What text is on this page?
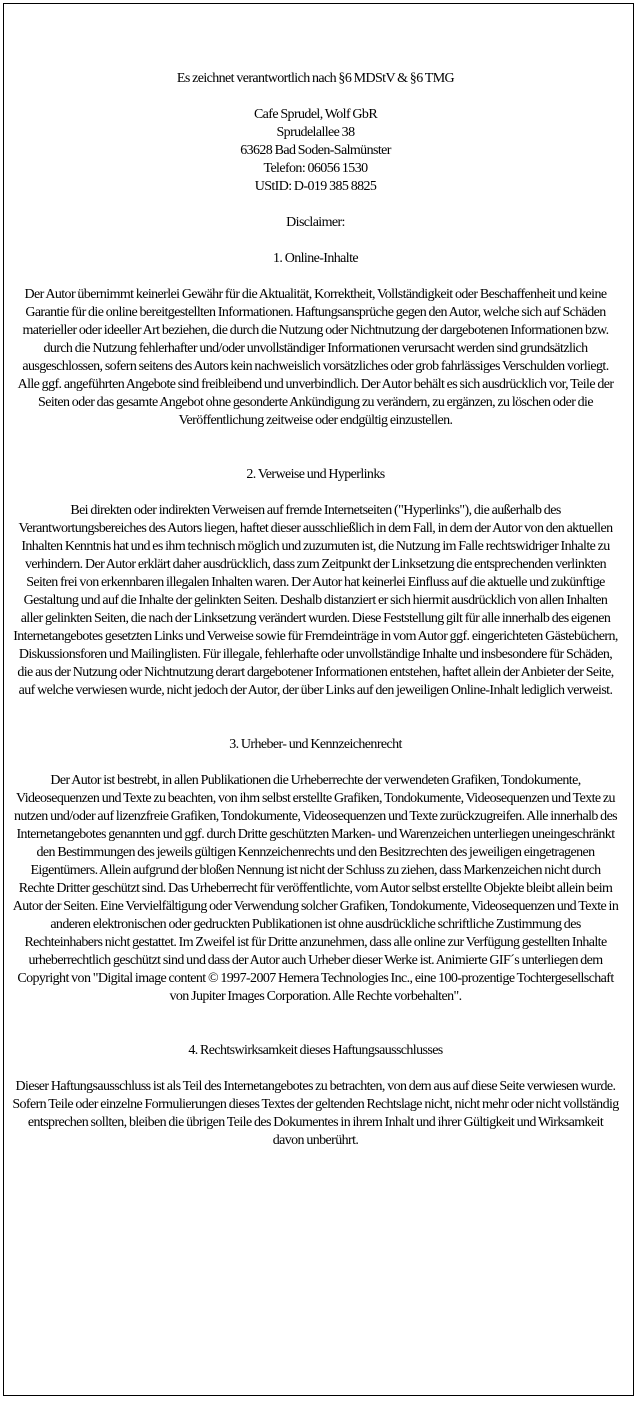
Es zeichnet verantwortlich nach §6 MDStV & §6 TMG

Cafe Sprudel, Wolf GbR

Sprudelallee 38

63628 Bad Soden-Salmünster

Telefon: 06056 1530

UStID: D-019 385 8825

Disclaimer:

1. Online-Inhalte

Der Autor übernimmt keinerlei Gewähr für die Aktualität, Korrektheit, Vollständigkeit oder Beschaffenheit und keine Garantie für die online bereitgestellten Informationen. Haftungsansprüche gegen den Autor, welche sich auf Schäden materieller oder ideeller Art beziehen, die durch die Nutzung oder Nichtnutzung der dargebotenen Informationen bzw. durch die Nutzung fehlerhafter und/oder unvollständiger Informationen verursacht werden sind grundsätzlich ausgeschlossen, sofern seitens des Autors kein nachweislich vorsätzliches oder grob fahrlässiges Verschulden vorliegt. Alle ggf. angeführten Angebote sind freibleibend und unverbindlich. Der Autor behält es sich ausdrücklich vor, Teile der Seiten oder das gesamte Angebot ohne gesonderte Ankündigung zu verändern, zu ergänzen, zu löschen oder die Veröffentlichung zeitweise oder endgültig einzustellen.

2. Verweise und Hyperlinks

Bei direkten oder indirekten Verweisen auf fremde Internetseiten ("Hyperlinks"), die außerhalb des Verantwortungsbereiches des Autors liegen, haftet dieser ausschließlich in dem Fall, in dem der Autor von den aktuellen Inhalten Kenntnis hat und es ihm technisch möglich und zuzumuten ist, die Nutzung im Falle rechtswidriger Inhalte zu verhindern. Der Autor erklärt daher ausdrücklich, dass zum Zeitpunkt der Linksetzung die entsprechenden verlinkten Seiten frei von erkennbaren illegalen Inhalten waren. Der Autor hat keinerlei Einfluss auf die aktuelle und zukünftige Gestaltung und auf die Inhalte der gelinkten Seiten. Deshalb distanziert er sich hiermit ausdrücklich von allen Inhalten aller gelinkten Seiten, die nach der Linksetzung verändert wurden. Diese Feststellung gilt für alle innerhalb des eigenen Internetangebotes gesetzten Links und Verweise sowie für Fremdeinträge in vom Autor ggf. eingerichteten Gästebüchern, Diskussionsforen und Mailinglisten. Für illegale, fehlerhafte oder unvollständige Inhalte und insbesondere für Schäden, die aus der Nutzung oder Nichtnutzung derart dargebotener Informationen entstehen, haftet allein der Anbieter der Seite, auf welche verwiesen wurde, nicht jedoch der Autor, der über Links auf den jeweiligen Online-Inhalt lediglich verweist.

3. Urheber- und Kennzeichenrecht

Der Autor ist bestrebt, in allen Publikationen die Urheberrechte der verwendeten Grafiken, Tondokumente, Videosequenzen und Texte zu beachten, von ihm selbst erstellte Grafiken, Tondokumente, Videosequenzen und Texte zu nutzen und/oder auf lizenzfreie Grafiken, Tondokumente, Videosequenzen und Texte zurückzugreifen. Alle innerhalb des Internetangebotes genannten und ggf. durch Dritte geschützten Marken- und Warenzeichen unterliegen uneingeschränkt den Bestimmungen des jeweils gültigen Kennzeichenrechts und den Besitzrechten des jeweiligen eingetragenen Eigentümers. Allein aufgrund der bloßen Nennung ist nicht der Schluss zu ziehen, dass Markenzeichen nicht durch Rechte Dritter geschützt sind. Das Urheberrecht für veröffentlichte, vom Autor selbst erstellte Objekte bleibt allein beim Autor der Seiten. Eine Vervielfältigung oder Verwendung solcher Grafiken, Tondokumente, Videosequenzen und Texte in anderen elektronischen oder gedruckten Publikationen ist ohne ausdrückliche schriftliche Zustimmung des Rechteinhabers nicht gestattet. Im Zweifel ist für Dritte anzunehmen, dass alle online zur Verfügung gestellten Inhalte urheberrechtlich geschützt sind und dass der Autor auch Urheber dieser Werke ist. Animierte GIF´s unterliegen dem Copyright von "Digital image content © 1997-2007 Hemera Technologies Inc., eine 100-prozentige Tochtergesellschaft von Jupiter Images Corporation. Alle Rechte vorbehalten".

4. Rechtswirksamkeit dieses Haftungsausschlusses

Dieser Haftungsausschluss ist als Teil des Internetangebotes zu betrachten, von dem aus auf diese Seite verwiesen wurde. Sofern Teile oder einzelne Formulierungen dieses Textes der geltenden Rechtslage nicht, nicht mehr oder nicht vollständig entsprechen sollten, bleiben die übrigen Teile des Dokumentes in ihrem Inhalt und ihrer Gültigkeit und Wirksamkeit davon unberührt.
